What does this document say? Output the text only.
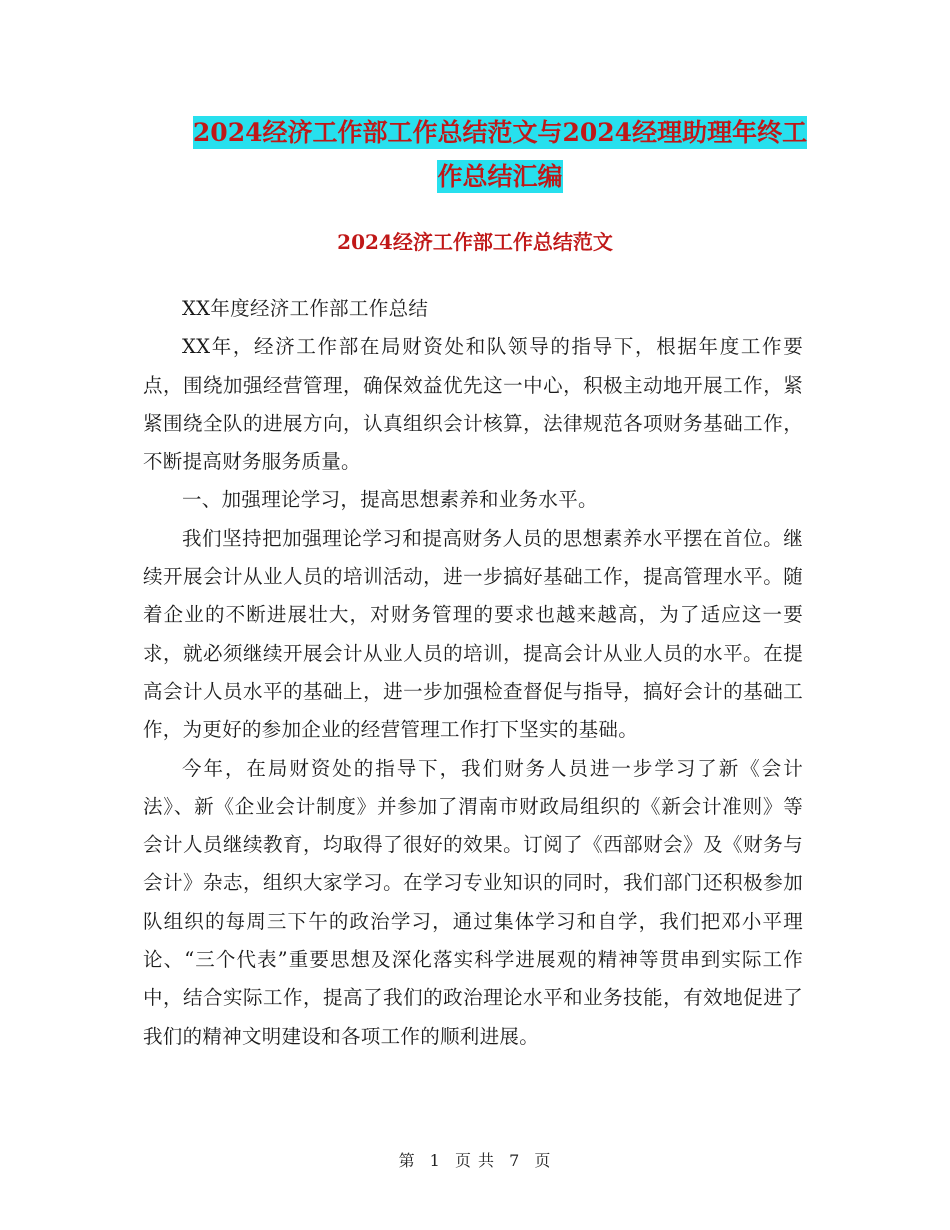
2024经济工作部工作总结范文与2024经理助理年终工
作总结汇编
2024经济工作部工作总结范文

XX年度经济工作部工作总结

XX年，经济工作部在局财资处和队领导的指导下，根据年度工作要点，围绕加强经营管理，确保效益优先这一中心，积极主动地开展工作，紧紧围绕全队的进展方向，认真组织会计核算，法律规范各项财务基础工作，不断提高财务服务质量。

一、加强理论学习，提高思想素养和业务水平。

我们坚持把加强理论学习和提高财务人员的思想素养水平摆在首位。继续开展会计从业人员的培训活动，进一步搞好基础工作，提高管理水平。随着企业的不断进展壮大，对财务管理的要求也越来越高，为了适应这一要求，就必须继续开展会计从业人员的培训，提高会计从业人员的水平。在提高会计人员水平的基础上，进一步加强检查督促与指导，搞好会计的基础工作，为更好的参加企业的经营管理工作打下坚实的基础。

今年，在局财资处的指导下，我们财务人员进一步学习了新《会计法》、新《企业会计制度》并参加了渭南市财政局组织的《新会计准则》等会计人员继续教育，均取得了很好的效果。订阅了《西部财会》及《财务与会计》杂志，组织大家学习。在学习专业知识的同时，我们部门还积极参加队组织的每周三下午的政治学习，通过集体学习和自学，我们把邓小平理论、“三个代表”重要思想及深化落实科学进展观的精神等贯串到实际工作中，结合实际工作，提高了我们的政治理论水平和业务技能，有效地促进了我们的精神文明建设和各项工作的顺利进展。

第 1 页 共 7 页
